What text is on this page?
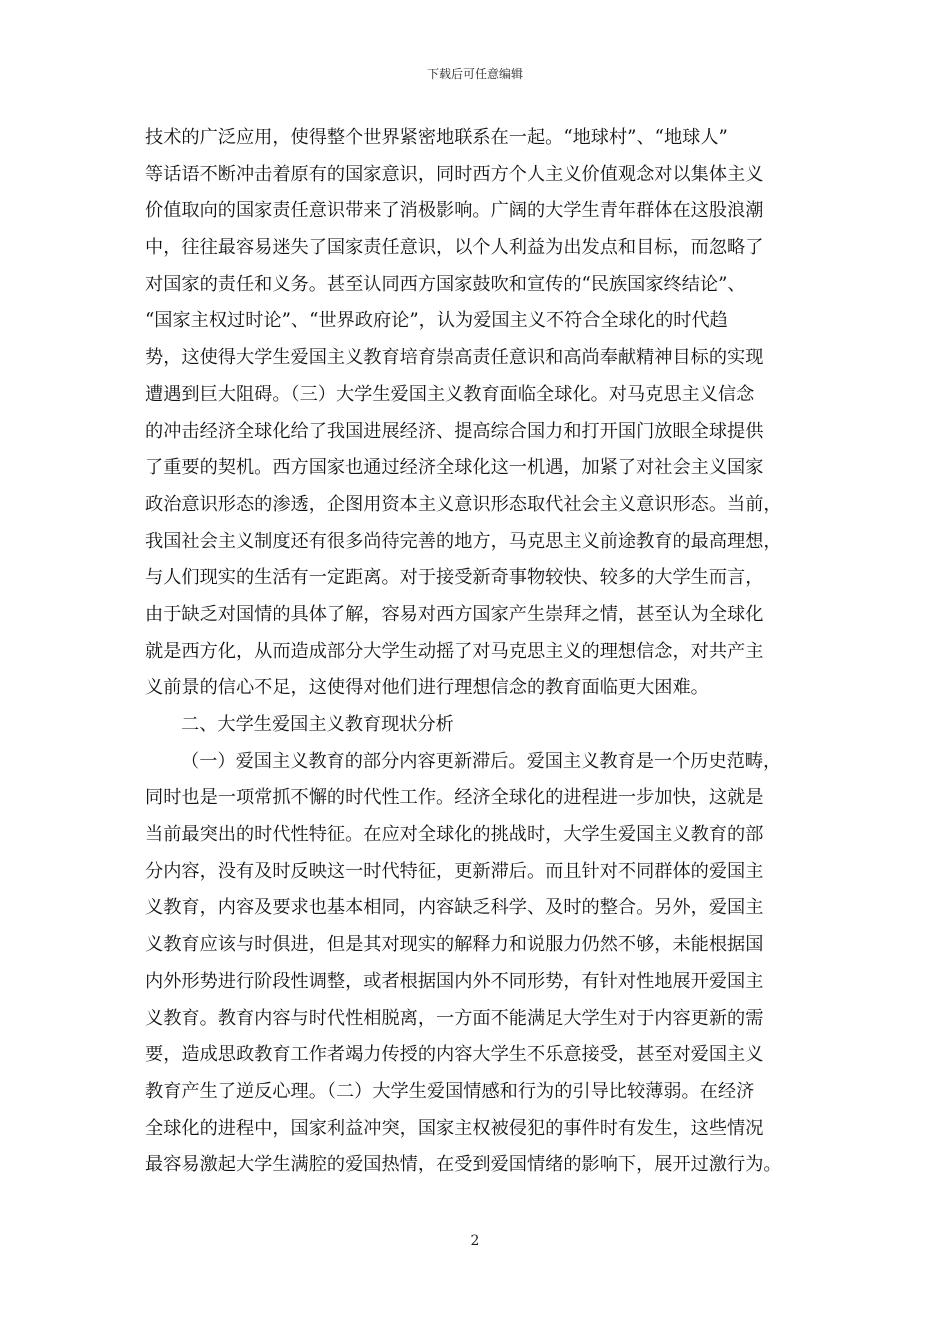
下载后可任意编辑
技术的广泛应用，使得整个世界紧密地联系在一起。“地球村”、“地球人”
等话语不断冲击着原有的国家意识，同时西方个人主义价值观念对以集体主义
价值取向的国家责任意识带来了消极影响。广阔的大学生青年群体在这股浪潮
中，往往最容易迷失了国家责任意识，以个人利益为出发点和目标，而忽略了
对国家的责任和义务。甚至认同西方国家鼓吹和宣传的“民族国家终结论”、
“国家主权过时论”、“世界政府论”，认为爱国主义不符合全球化的时代趋
势，这使得大学生爱国主义教育培育崇高责任意识和高尚奉献精神目标的实现
遭遇到巨大阻碍。（三）大学生爱国主义教育面临全球化。对马克思主义信念
的冲击经济全球化给了我国进展经济、提高综合国力和打开国门放眼全球提供
了重要的契机。西方国家也通过经济全球化这一机遇，加紧了对社会主义国家
政治意识形态的渗透，企图用资本主义意识形态取代社会主义意识形态。当前，
我国社会主义制度还有很多尚待完善的地方，马克思主义前途教育的最高理想，
与人们现实的生活有一定距离。对于接受新奇事物较快、较多的大学生而言，
由于缺乏对国情的具体了解，容易对西方国家产生崇拜之情，甚至认为全球化
就是西方化，从而造成部分大学生动摇了对马克思主义的理想信念，对共产主
义前景的信心不足，这使得对他们进行理想信念的教育面临更大困难。
二、大学生爱国主义教育现状分析
（一）爱国主义教育的部分内容更新滞后。爱国主义教育是一个历史范畴，
同时也是一项常抓不懈的时代性工作。经济全球化的进程进一步加快，这就是
当前最突出的时代性特征。在应对全球化的挑战时，大学生爱国主义教育的部
分内容，没有及时反映这一时代特征，更新滞后。而且针对不同群体的爱国主
义教育，内容及要求也基本相同，内容缺乏科学、及时的整合。另外，爱国主
义教育应该与时俱进，但是其对现实的解释力和说服力仍然不够，未能根据国
内外形势进行阶段性调整，或者根据国内外不同形势，有针对性地展开爱国主
义教育。教育内容与时代性相脱离，一方面不能满足大学生对于内容更新的需
要，造成思政教育工作者竭力传授的内容大学生不乐意接受，甚至对爱国主义
教育产生了逆反心理。（二）大学生爱国情感和行为的引导比较薄弱。在经济
全球化的进程中，国家利益冲突，国家主权被侵犯的事件时有发生，这些情况
最容易激起大学生满腔的爱国热情，在受到爱国情绪的影响下，展开过激行为。
2
